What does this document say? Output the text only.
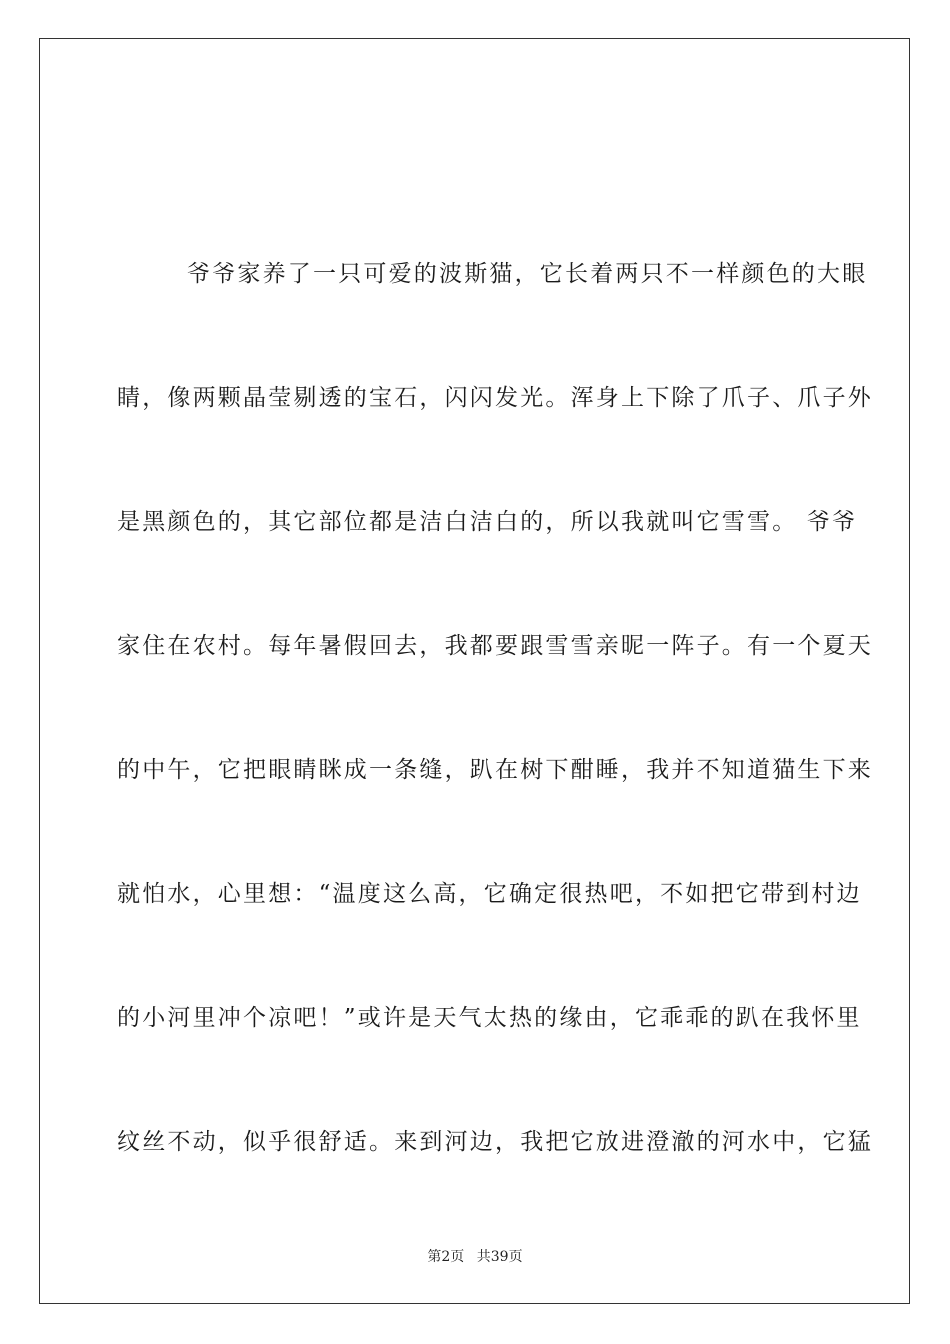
爷爷家养了一只可爱的波斯猫，它长着两只不一样颜色的大眼
睛，像两颗晶莹剔透的宝石，闪闪发光。浑身上下除了爪子、爪子外
是黑颜色的，其它部位都是洁白洁白的，所以我就叫它雪雪。 爷爷
家住在农村。每年暑假回去，我都要跟雪雪亲昵一阵子。有一个夏天
的中午，它把眼睛眯成一条缝，趴在树下酣睡，我并不知道猫生下来
就怕水，心里想：“温度这么高，它确定很热吧，不如把它带到村边
的小河里冲个凉吧！”或许是天气太热的缘由，它乖乖的趴在我怀里
纹丝不动，似乎很舒适。来到河边，我把它放进澄澈的河水中，它猛
第2页 共39页
